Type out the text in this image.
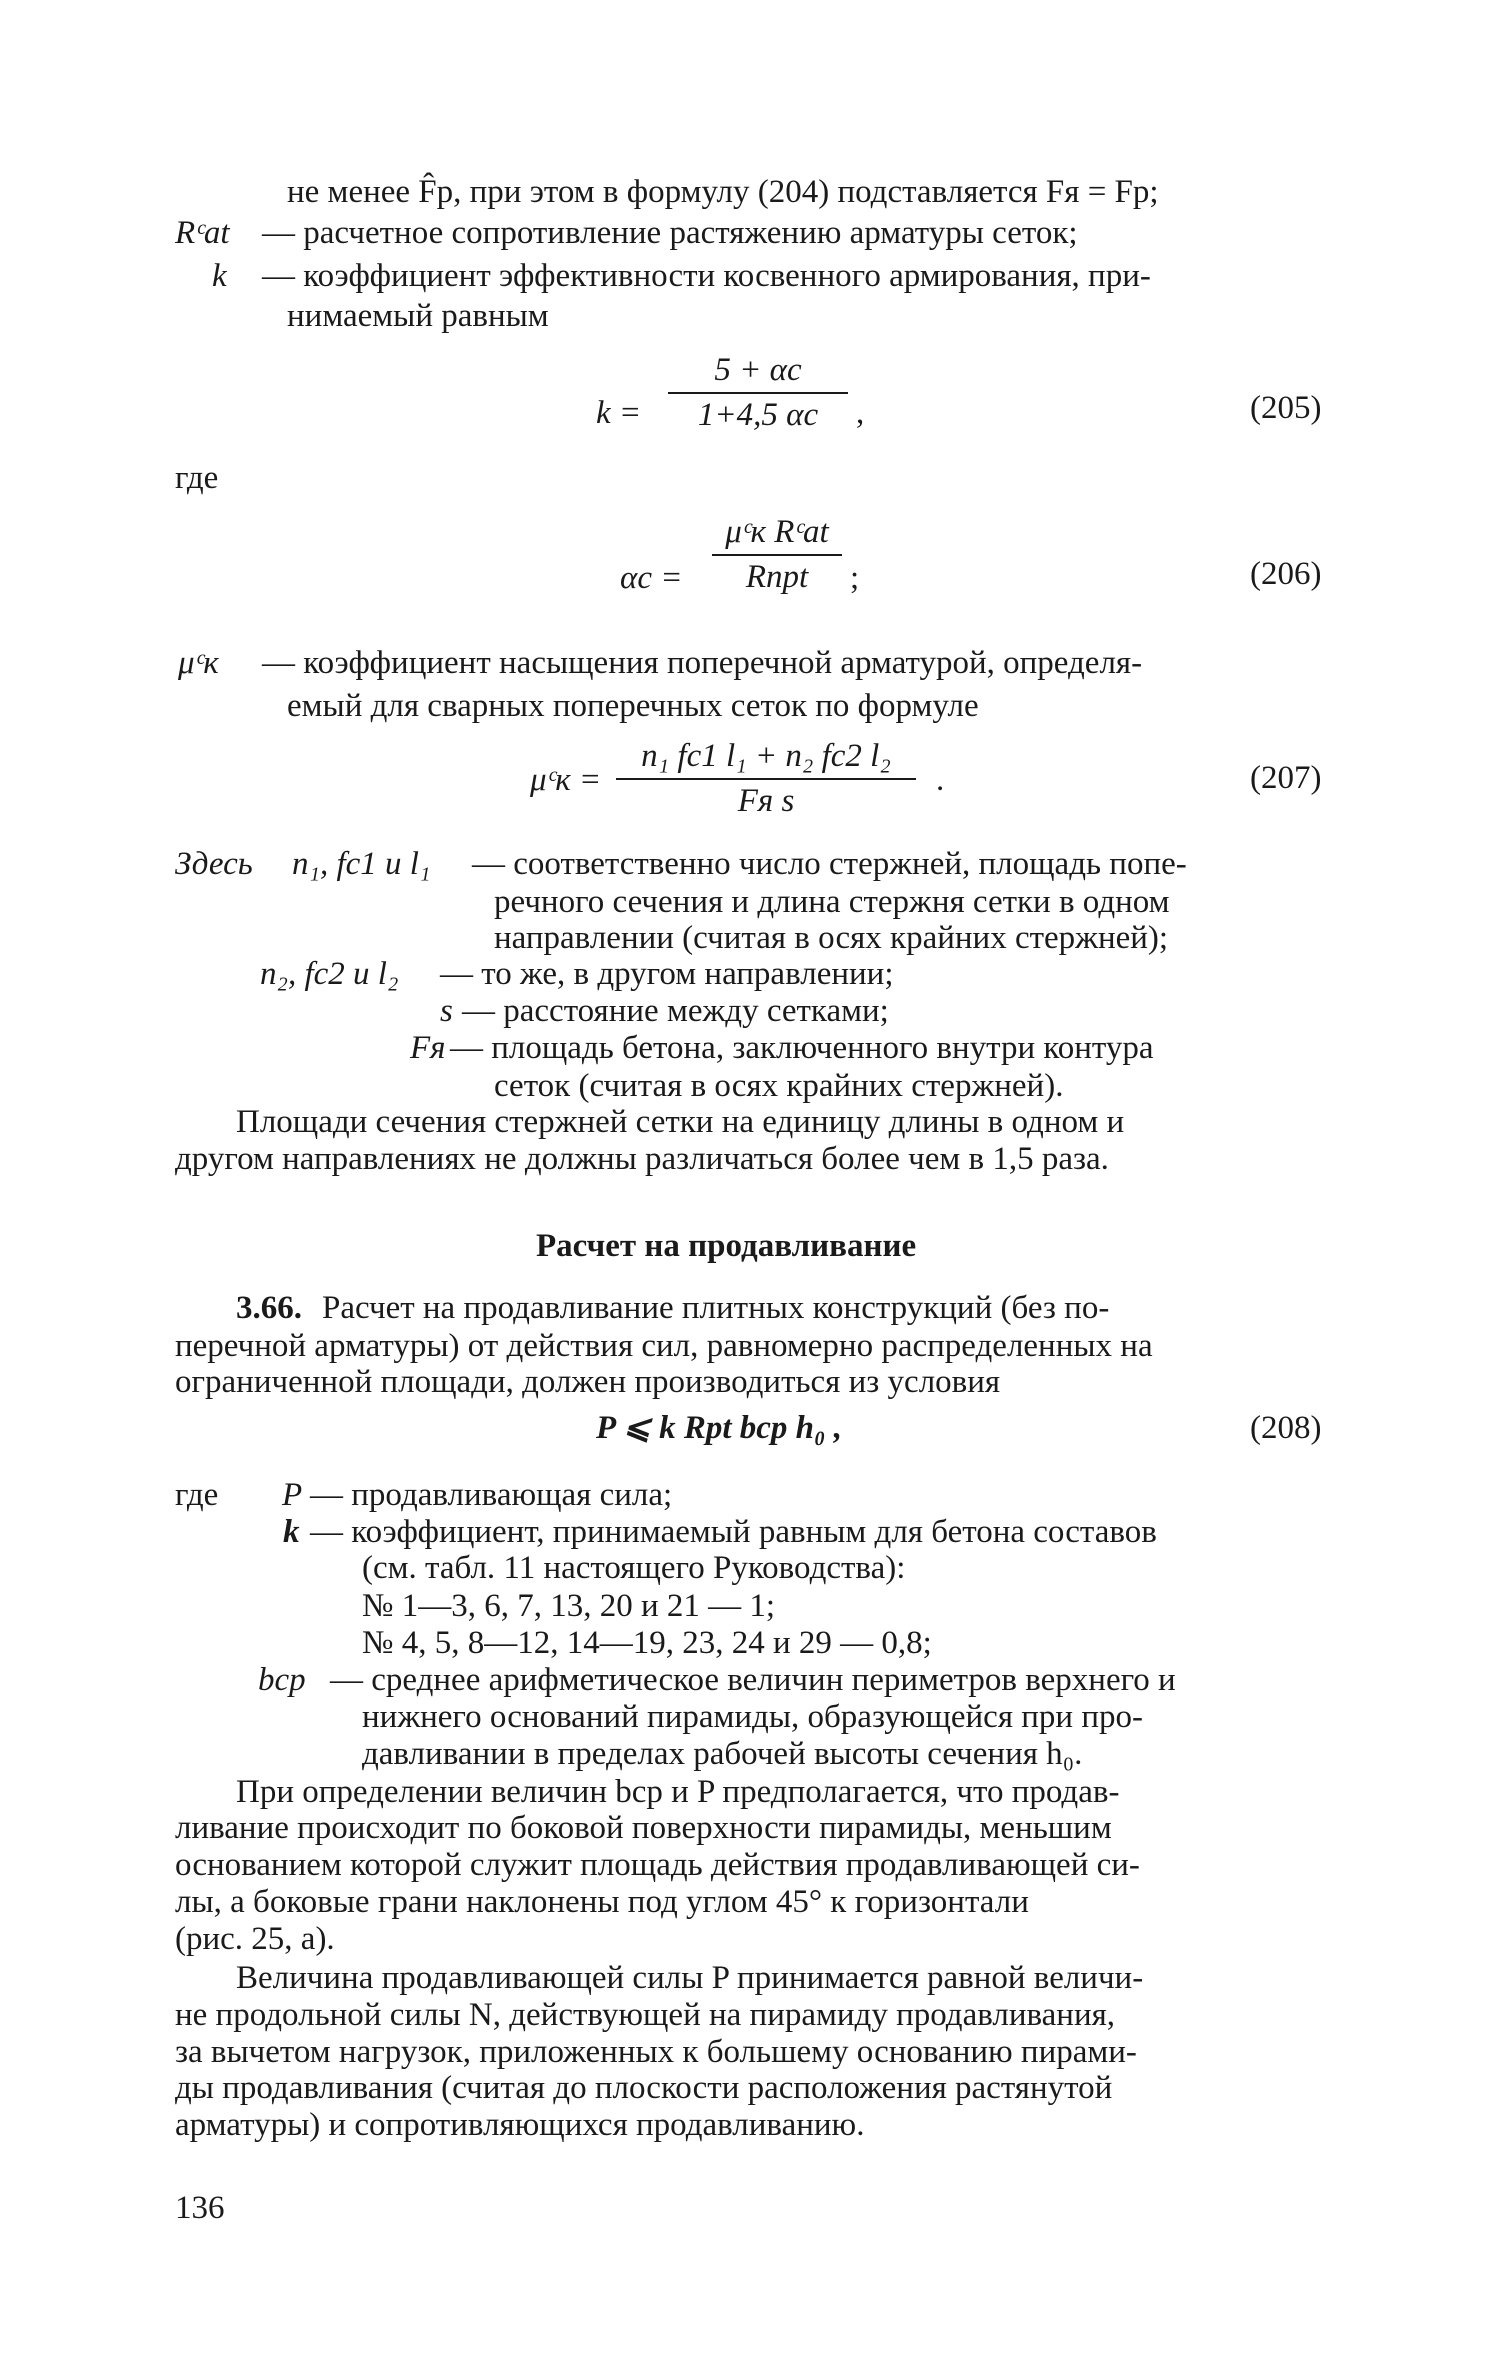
не менее F̂р, при этом в формулу (204) подставляется Fя = Fр;
Rᶜat — расчетное сопротивление растяжению арматуры сеток;
k — коэффициент эффективности косвенного армирования, при-
нимаемый равным
k =
5 + αс
1+4,5 αс	,	(205)
где
αс =
μᶜк Rᶜat
Rпрt	;	(206)
μᶜк — коэффициент насыщения поперечной арматурой, определя-
емый для сварных поперечных сеток по формуле
μᶜк =
n₁ fс1 l₁ + n₂ fс2 l₂
Fя s
.	(207)
Здесь n₁, fс1 и l₁ — соответственно число стержней, площадь попе-
речного сечения и длина стержня сетки в одном
направлении (считая в осях крайних стержней);
n₂, fс2 и l₂ — то же, в другом направлении;
s — расстояние между сетками;
Fя — площадь бетона, заключенного внутри контура
сеток (считая в осях крайних стержней).
Площади сечения стержней сетки на единицу длины в одном и
другом направлениях не должны различаться более чем в 1,5 раза.
Расчет на продавливание
3.66. Расчет на продавливание плитных конструкций (без по-
перечной арматуры) от действия сил, равномерно распределенных на
ограниченной площади, должен производиться из условия
P ⩽ k Rрt bср h₀ ,	(208)
где P — продавливающая сила;
k — коэффициент, принимаемый равным для бетона составов
(см. табл. 11 настоящего Руководства):
№ 1—3, 6, 7, 13, 20 и 21 — 1;
№ 4, 5, 8—12, 14—19, 23, 24 и 29 — 0,8;
bср — среднее арифметическое величин периметров верхнего и
нижнего оснований пирамиды, образующейся при про-
давливании в пределах рабочей высоты сечения h₀.
При определении величин bср и P предполагается, что продав-
ливание происходит по боковой поверхности пирамиды, меньшим
основанием которой служит площадь действия продавливающей си-
лы, а боковые грани наклонены под углом 45° к горизонтали
(рис. 25, а).
Величина продавливающей силы P принимается равной величи-
не продольной силы N, действующей на пирамиду продавливания,
за вычетом нагрузок, приложенных к большему основанию пирами-
ды продавливания (считая до плоскости расположения растянутой
арматуры) и сопротивляющихся продавливанию.
136
